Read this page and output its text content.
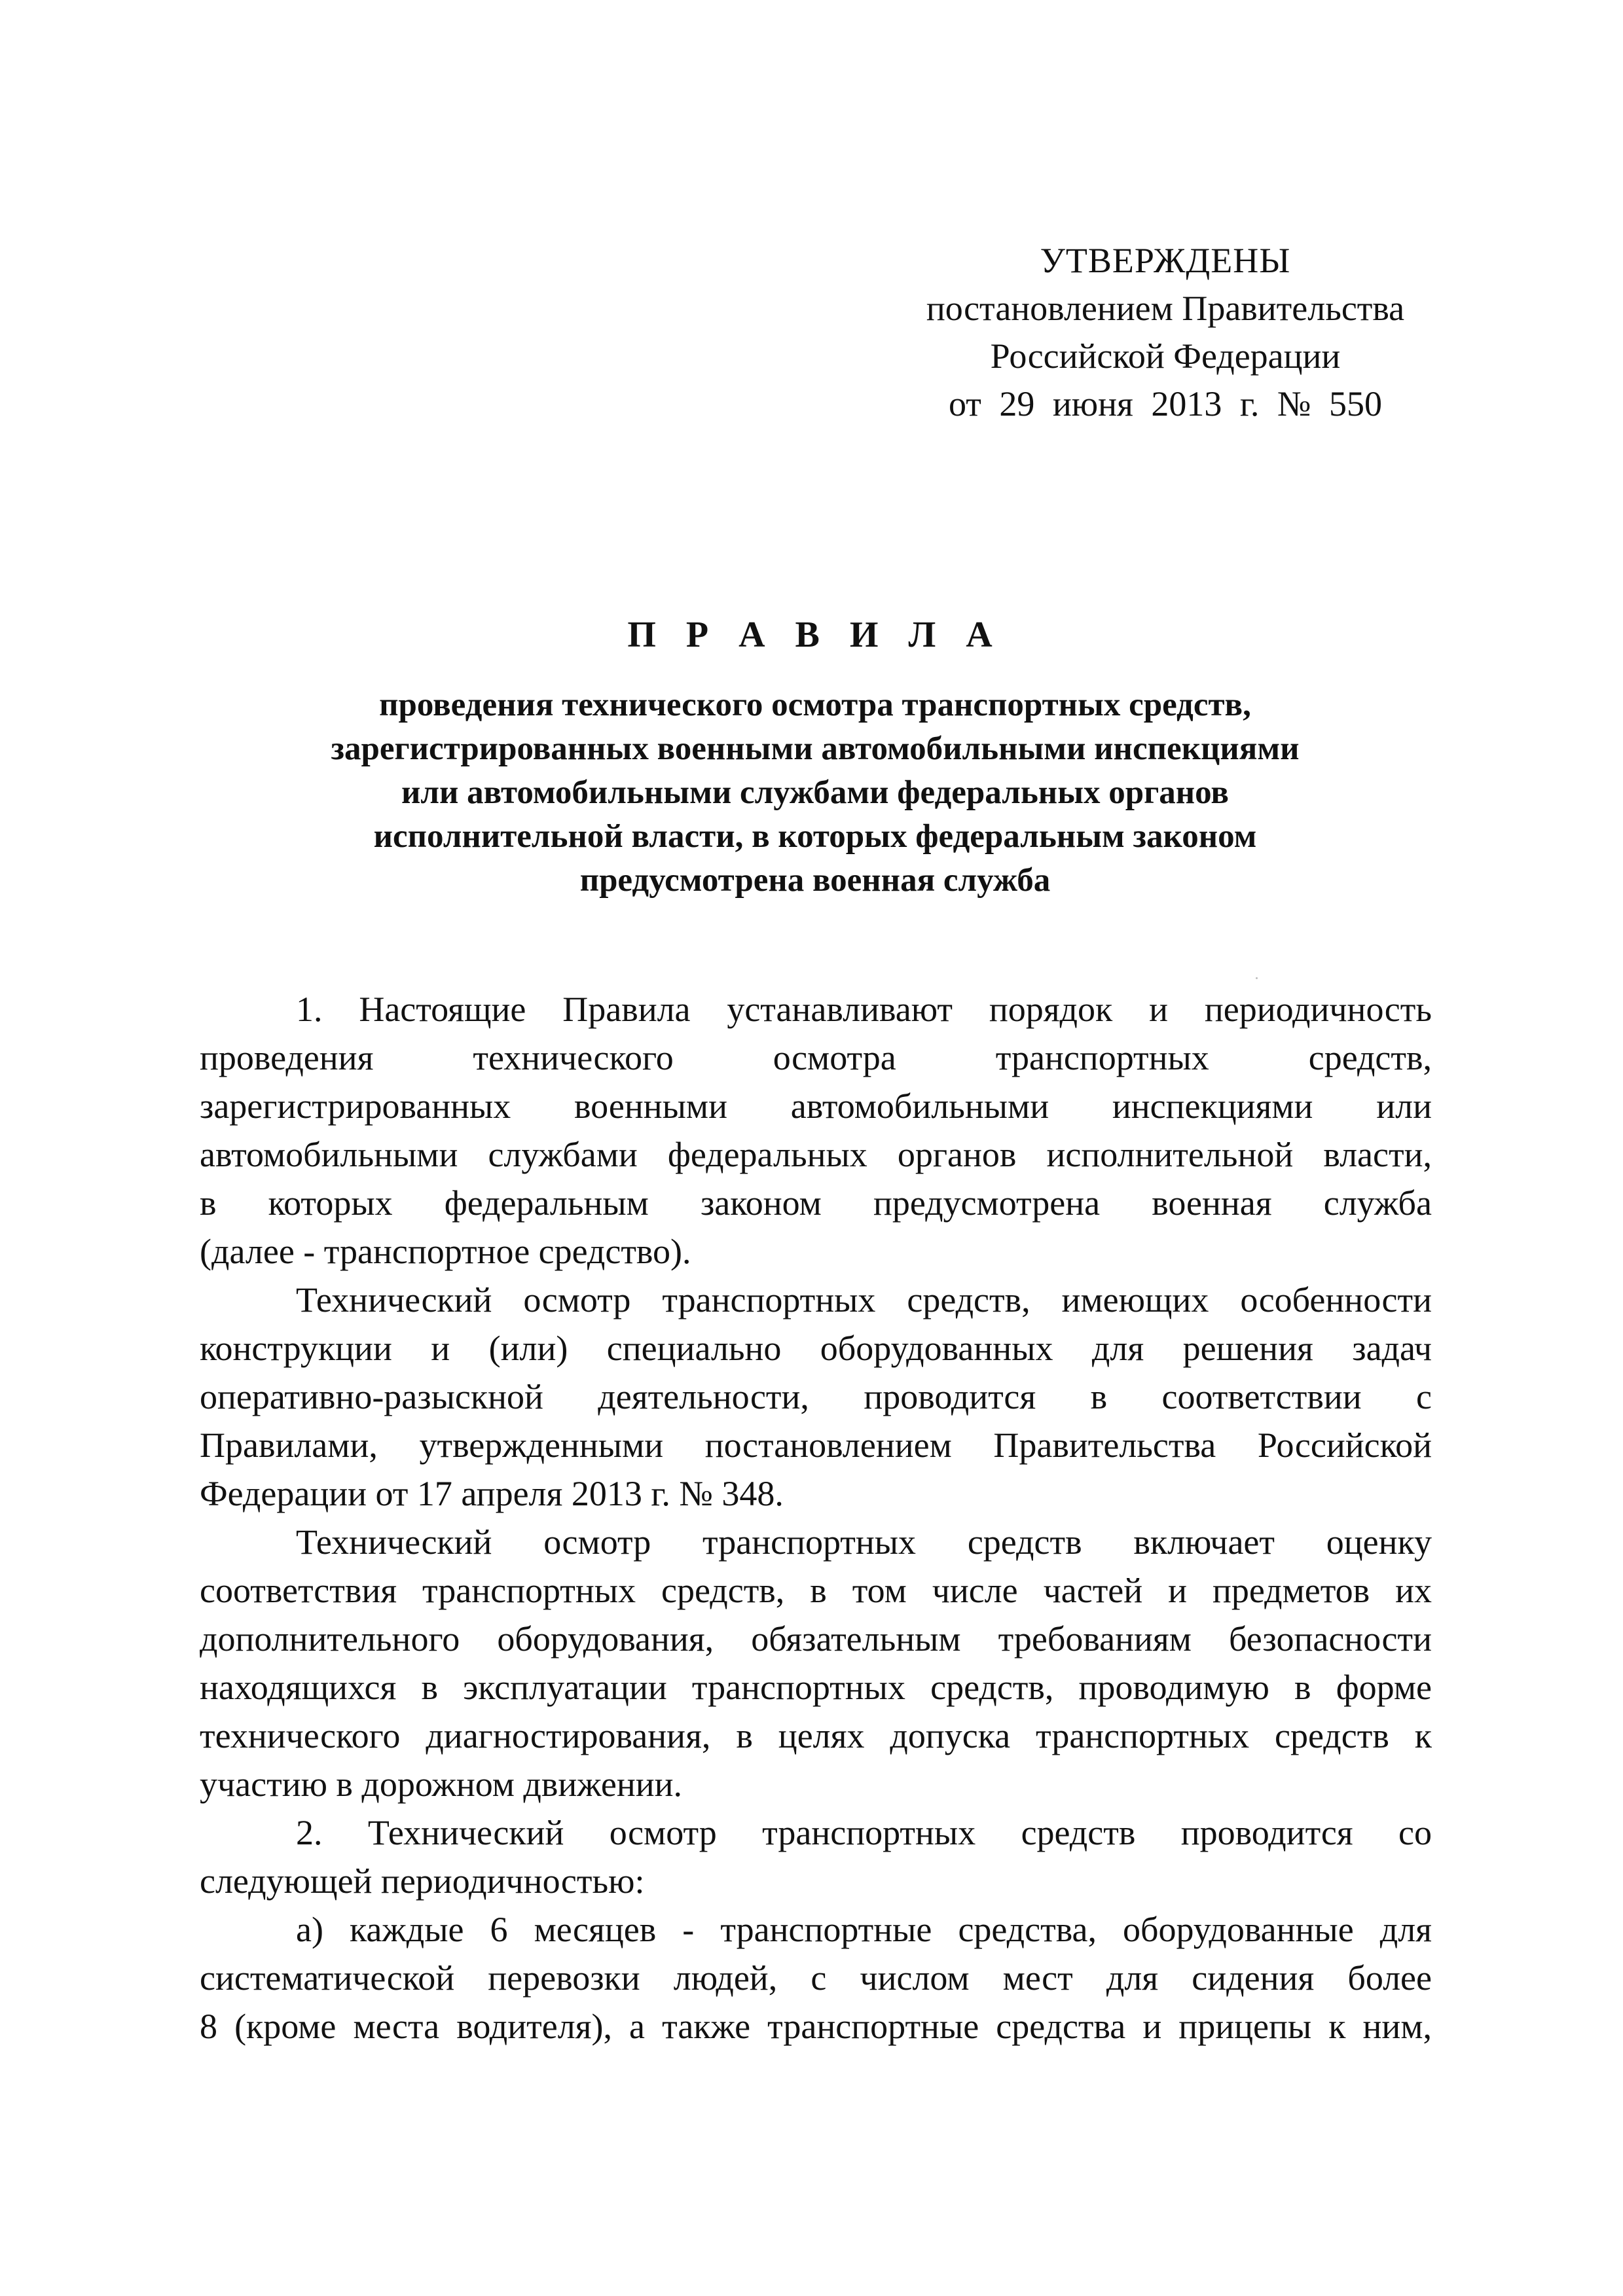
УТВЕРЖДЕНЫ
постановлением Правительства
Российской Федерации
от 29 июня 2013 г. № 550
П Р А В И Л А
проведения технического осмотра транспортных средств,
зарегистрированных военными автомобильными инспекциями
или автомобильными службами федеральных органов
исполнительной власти, в которых федеральным законом
предусмотрена военная служба
1. Настоящие Правила устанавливают порядок и периодичность
проведения технического осмотра транспортных средств,
зарегистрированных военными автомобильными инспекциями или
автомобильными службами федеральных органов исполнительной власти,
в которых федеральным законом предусмотрена военная служба
(далее - транспортное средство).
Технический осмотр транспортных средств, имеющих особенности
конструкции и (или) специально оборудованных для решения задач
оперативно-разыскной деятельности, проводится в соответствии с
Правилами, утвержденными постановлением Правительства Российской
Федерации от 17 апреля 2013 г. № 348.
Технический осмотр транспортных средств включает оценку
соответствия транспортных средств, в том числе частей и предметов их
дополнительного оборудования, обязательным требованиям безопасности
находящихся в эксплуатации транспортных средств, проводимую в форме
технического диагностирования, в целях допуска транспортных средств к
участию в дорожном движении.
2. Технический осмотр транспортных средств проводится со
следующей периодичностью:
а) каждые 6 месяцев - транспортные средства, оборудованные для
систематической перевозки людей, с числом мест для сидения более
8 (кроме места водителя), а также транспортные средства и прицепы к ним,
